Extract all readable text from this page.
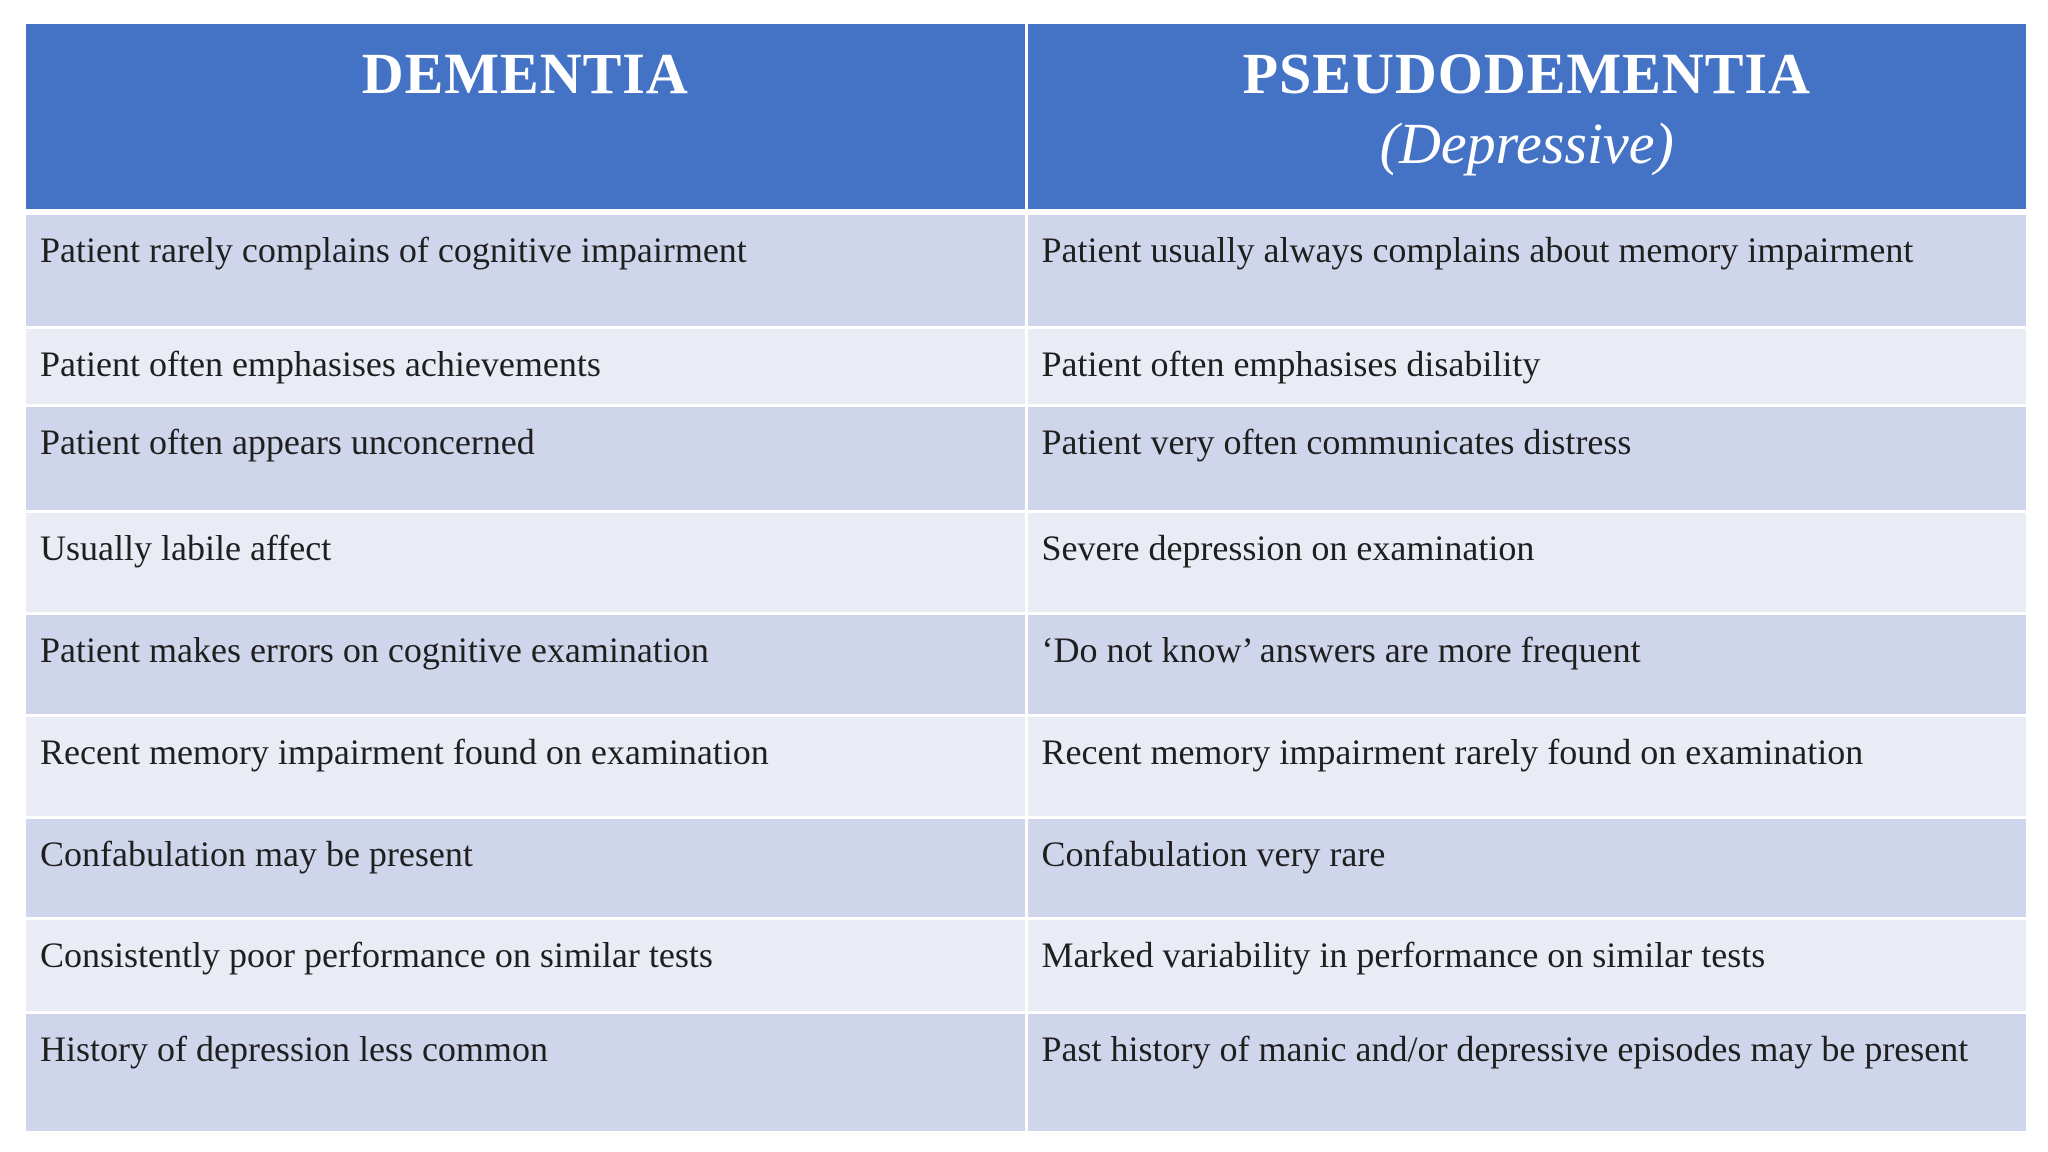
DEMENTIA	PSEUDODEMENTIA
(Depressive)

Patient rarely complains of cognitive impairment	Patient usually always complains about memory impairment
Patient often emphasises achievements	Patient often emphasises disability
Patient often appears unconcerned	Patient very often communicates distress
Usually labile affect	Severe depression on examination
Patient makes errors on cognitive examination	‘Do not know’ answers are more frequent
Recent memory impairment found on examination	Recent memory impairment rarely found on examination
Confabulation may be present	Confabulation very rare
Consistently poor performance on similar tests	Marked variability in performance on similar tests
History of depression less common	Past history of manic and/or depressive episodes may be present
